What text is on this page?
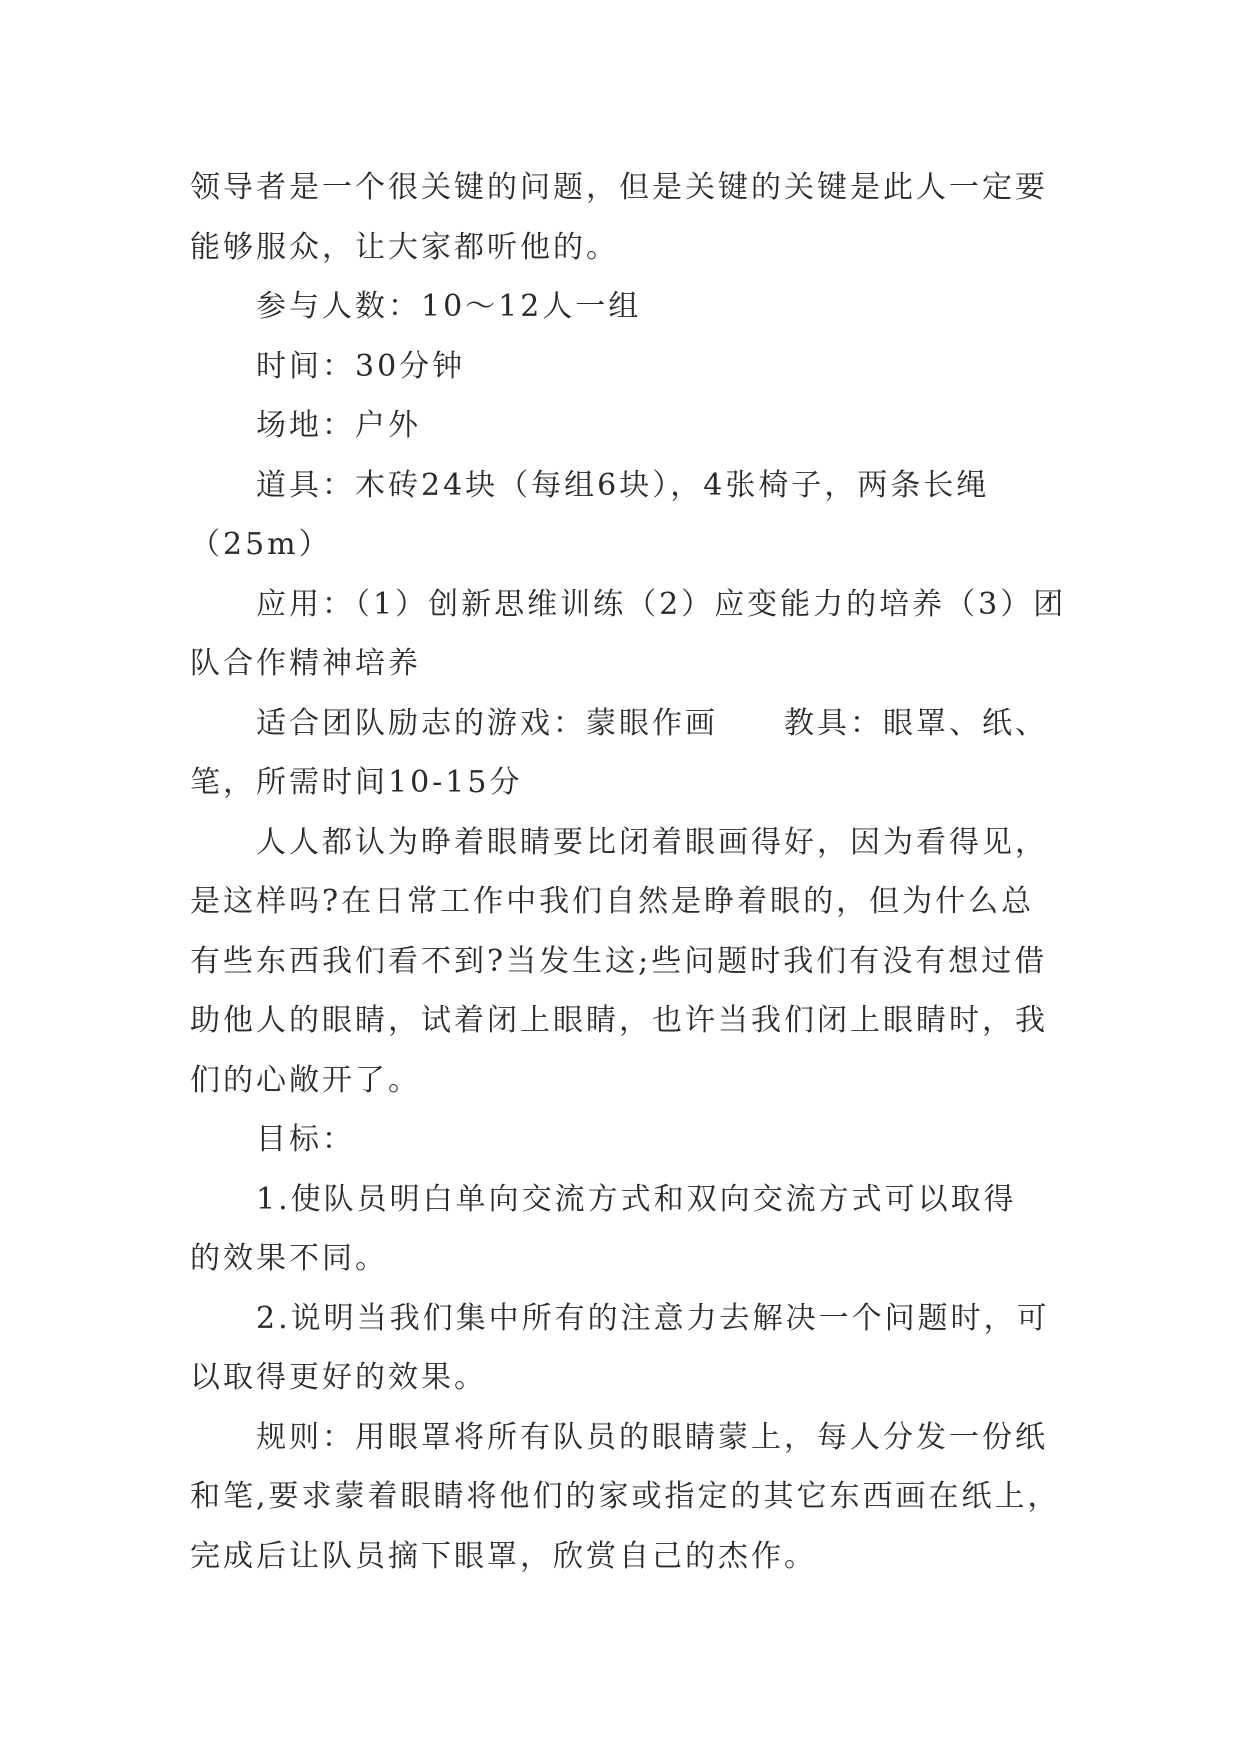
领导者是一个很关键的问题，但是关键的关键是此人一定要

能够服众，让大家都听他的。

参与人数：10～12人一组

时间：30分钟

场地：户外

道具：木砖24块（每组6块），4张椅子，两条长绳

（25m）

应用：（1）创新思维训练（2）应变能力的培养（3）团

队合作精神培养

适合团队励志的游戏：蒙眼作画　　教具：眼罩、纸、

笔，所需时间10-15分

人人都认为睁着眼睛要比闭着眼画得好，因为看得见，

是这样吗?在日常工作中我们自然是睁着眼的，但为什么总

有些东西我们看不到?当发生这;些问题时我们有没有想过借

助他人的眼睛，试着闭上眼睛，也许当我们闭上眼睛时，我

们的心敞开了。

目标：

1.使队员明白单向交流方式和双向交流方式可以取得

的效果不同。

2.说明当我们集中所有的注意力去解决一个问题时，可

以取得更好的效果。

规则：用眼罩将所有队员的眼睛蒙上，每人分发一份纸

和笔,要求蒙着眼睛将他们的家或指定的其它东西画在纸上，

完成后让队员摘下眼罩，欣赏自己的杰作。
